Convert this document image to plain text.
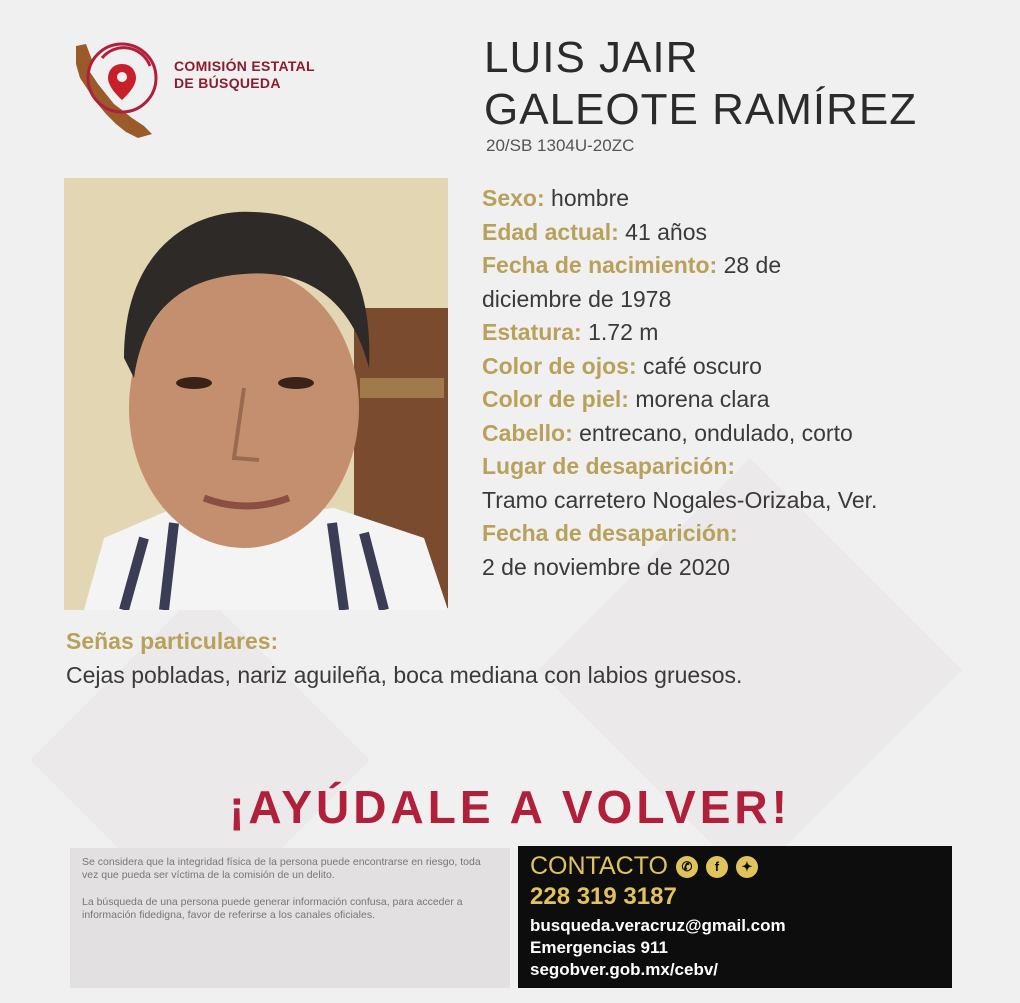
COMISIÓN ESTATAL
DE BÚSQUEDA
LUIS JAIR
GALEOTE RAMÍREZ
20/SB 1304U-20ZC
Sexo: hombre
Edad actual: 41 años
Fecha de nacimiento: 28 de diciembre de 1978
Estatura: 1.72 m
Color de ojos: café oscuro
Color de piel: morena clara
Cabello: entrecano, ondulado, corto
Lugar de desaparición:
Tramo carretero Nogales-Orizaba, Ver.
Fecha de desaparición:
2 de noviembre de 2020
Señas particulares:
Cejas pobladas, nariz aguileña, boca mediana con labios gruesos.
¡AYÚDALE A VOLVER!

Se considera que la integridad física de la persona puede encontrarse en riesgo, toda vez que pueda ser víctima de la comisión de un delito.

La búsqueda de una persona puede generar información confusa, para acceder a información fidedigna, favor de referirse a los canales oficiales.

CONTACTO	✆	f	✦
228 319 3187
busqueda.veracruz@gmail.com
Emergencias 911
segobver.gob.mx/cebv/
